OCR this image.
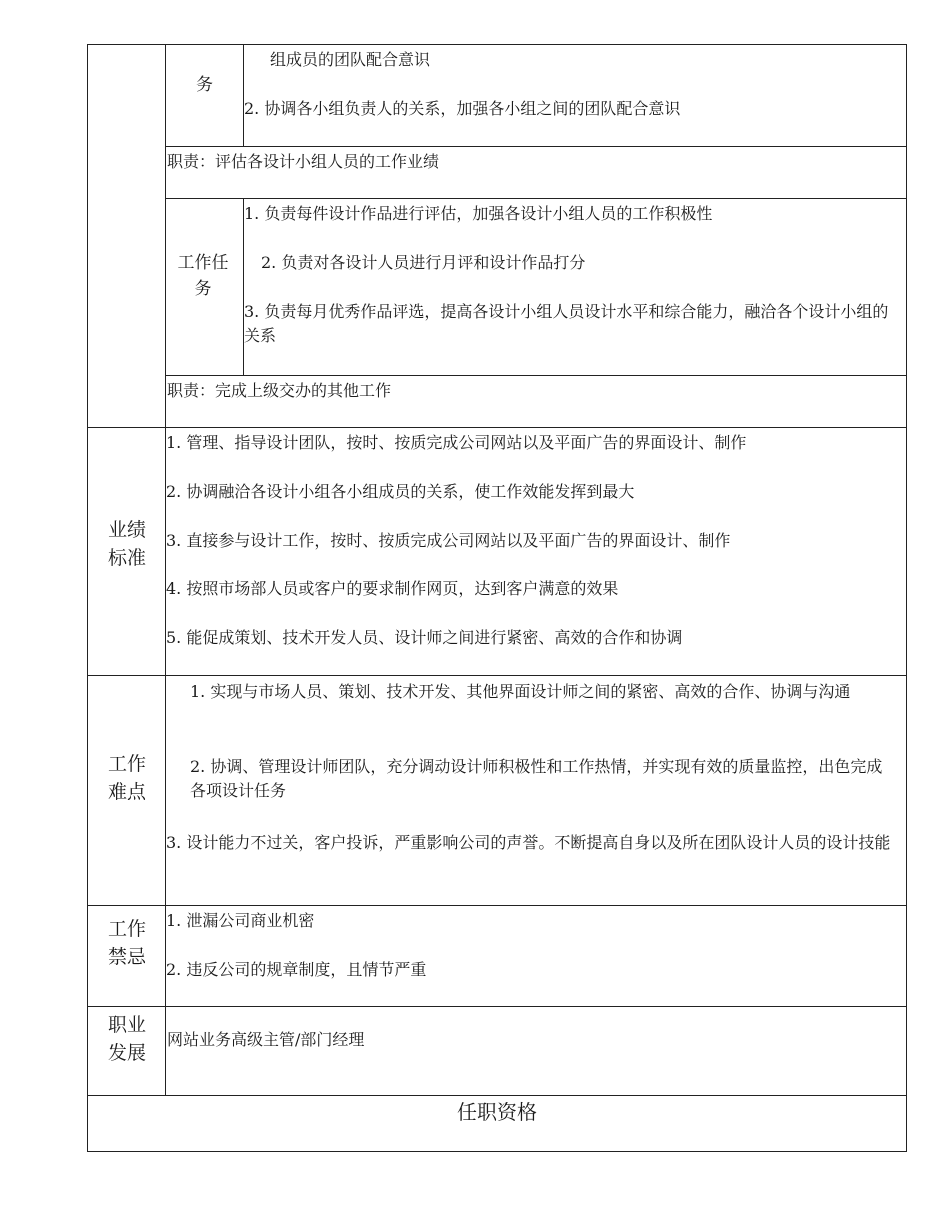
务
组成员的团队配合意识
2. 协调各小组负责人的关系，加强各小组之间的团队配合意识
职责：评估各设计小组人员的工作业绩
工作任务
1. 负责每件设计作品进行评估，加强各设计小组人员的工作积极性
2. 负责对各设计人员进行月评和设计作品打分
3. 负责每月优秀作品评选，提高各设计小组人员设计水平和综合能力，融洽各个设计小组的关系
职责：完成上级交办的其他工作
业绩标准
1. 管理、指导设计团队，按时、按质完成公司网站以及平面广告的界面设计、制作
2. 协调融洽各设计小组各小组成员的关系，使工作效能发挥到最大
3. 直接参与设计工作，按时、按质完成公司网站以及平面广告的界面设计、制作
4. 按照市场部人员或客户的要求制作网页，达到客户满意的效果
5. 能促成策划、技术开发人员、设计师之间进行紧密、高效的合作和协调
工作难点
1. 实现与市场人员、策划、技术开发、其他界面设计师之间的紧密、高效的合作、协调与沟通
2. 协调、管理设计师团队，充分调动设计师积极性和工作热情，并实现有效的质量监控，出色完成各项设计任务
3. 设计能力不过关，客户投诉，严重影响公司的声誉。不断提高自身以及所在团队设计人员的设计技能
工作禁忌
1. 泄漏公司商业机密
2. 违反公司的规章制度，且情节严重
职业发展
网站业务高级主管/部门经理
任职资格
